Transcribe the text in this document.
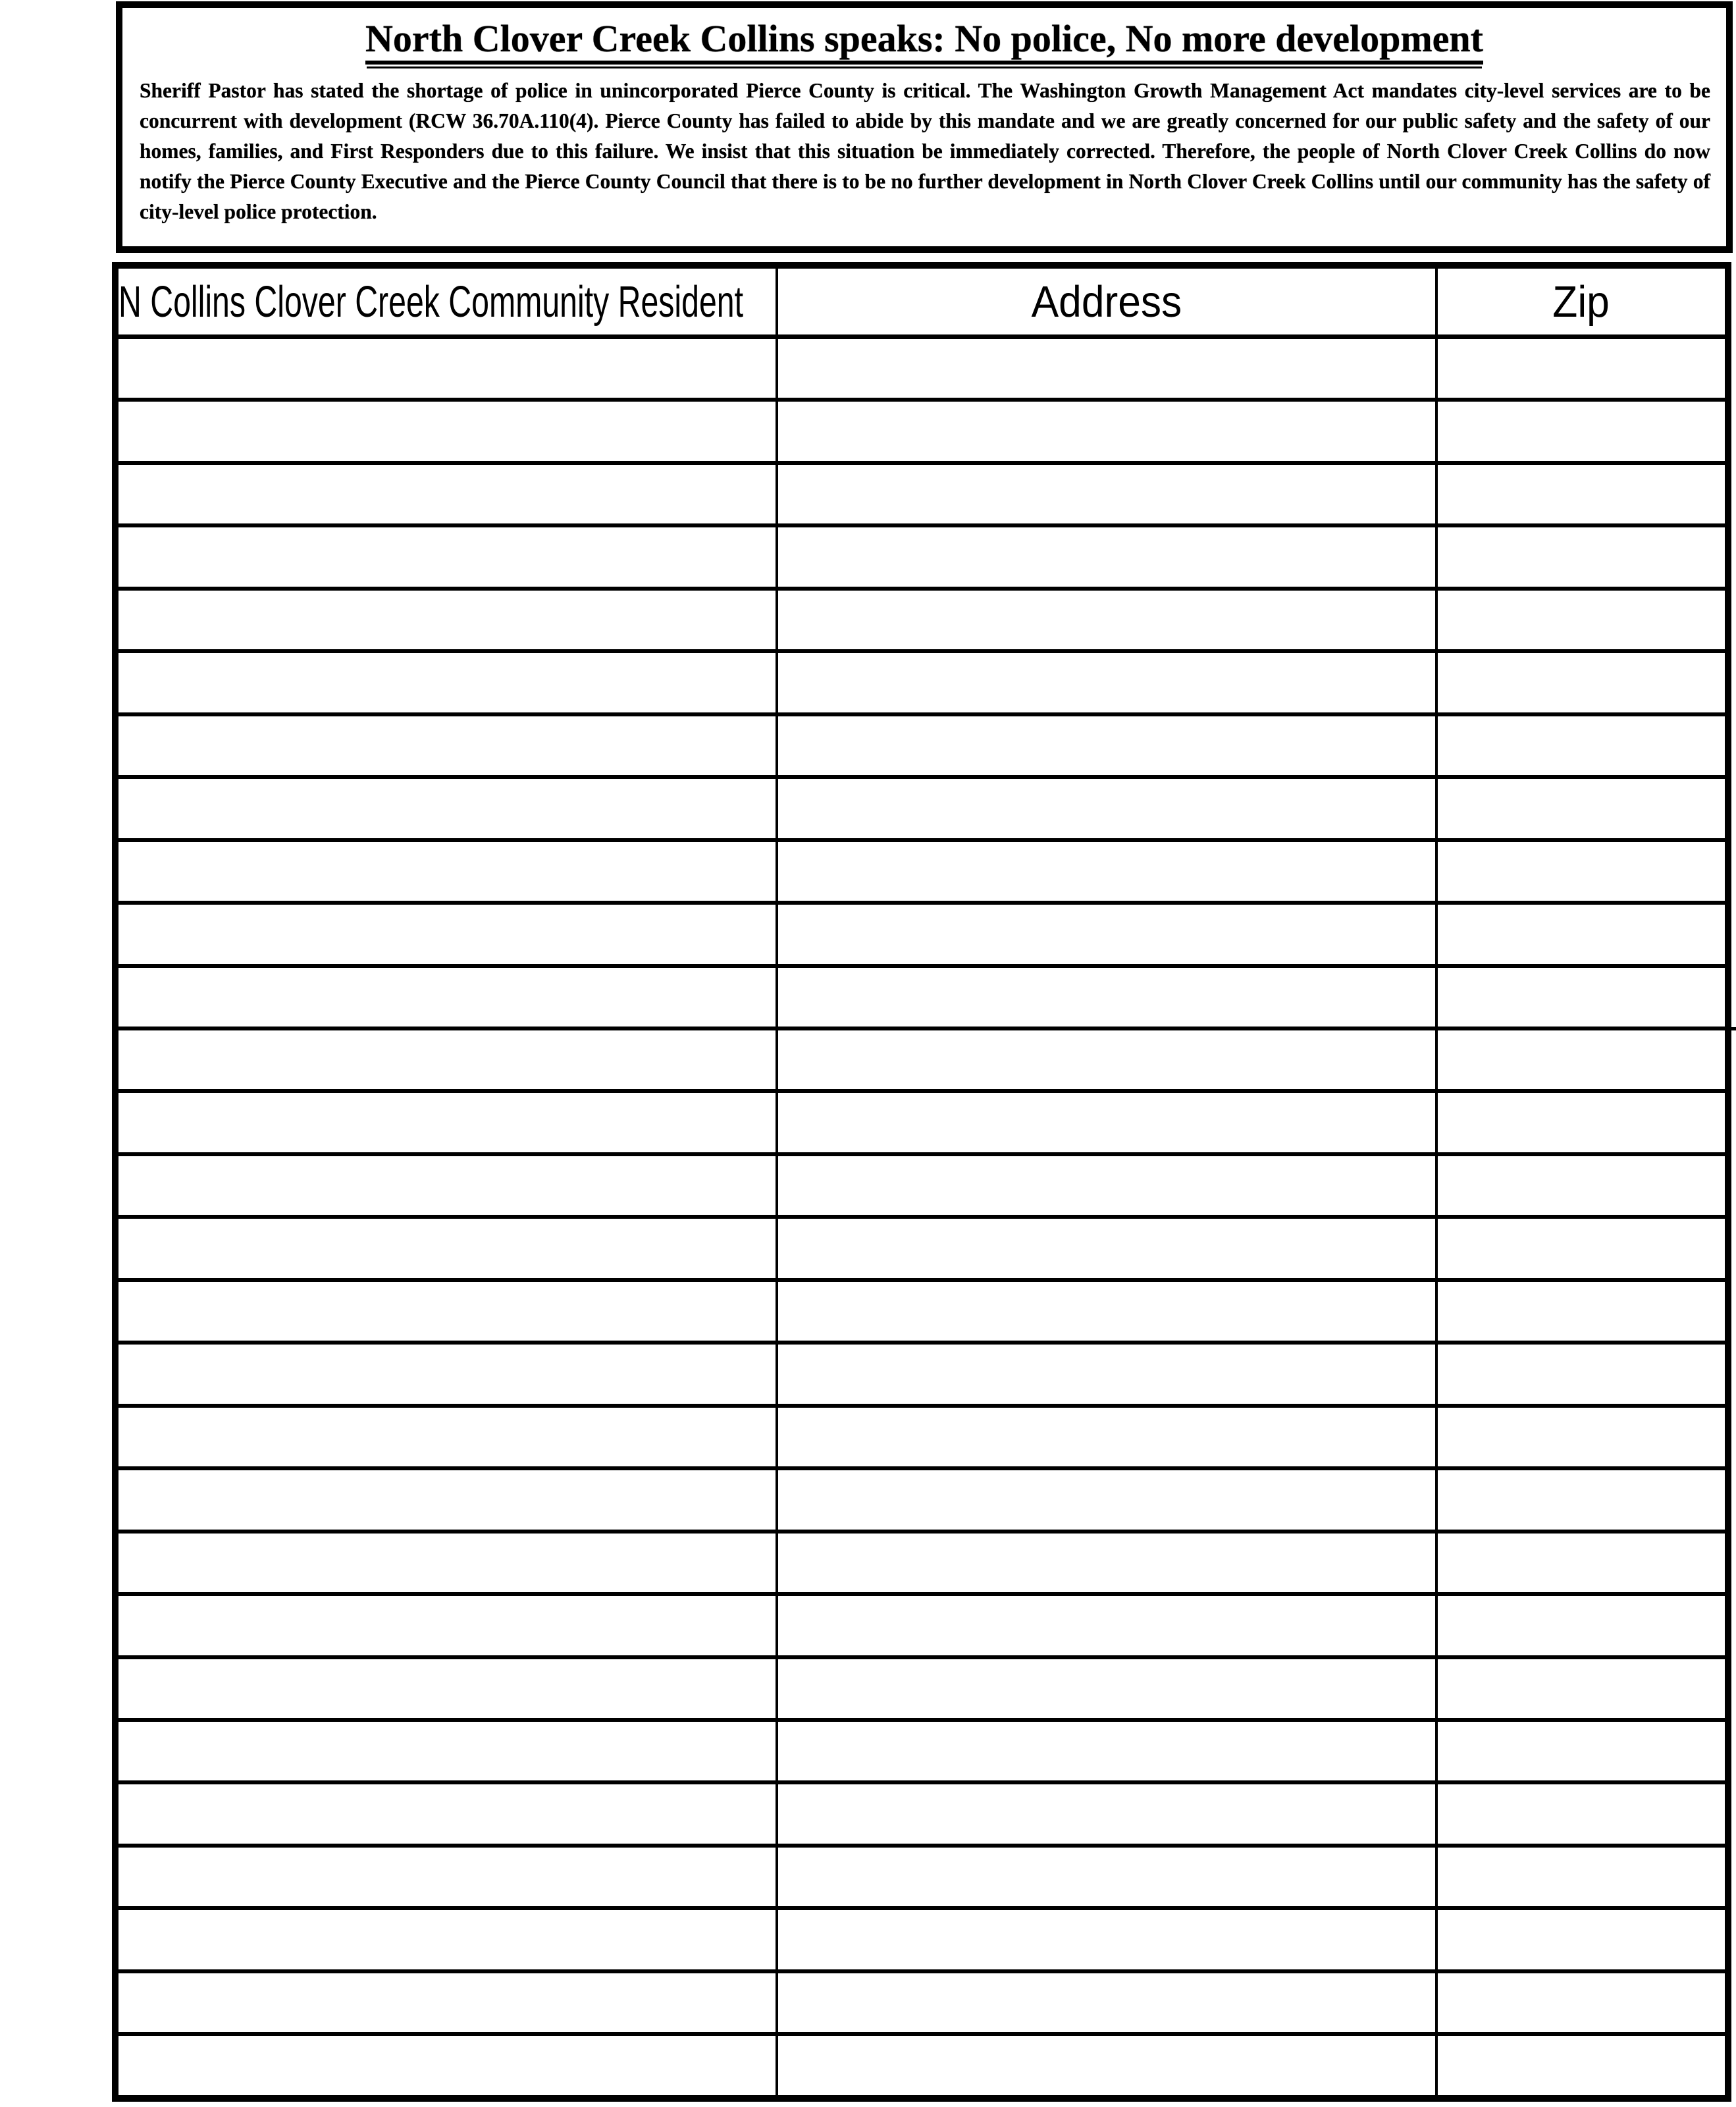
North Clover Creek Collins speaks: No police, No more development

Sheriff Pastor has stated the shortage of police in unincorporated Pierce County is critical. The Washington Growth Management Act mandates city-level services are to be concurrent with development (RCW 36.70A.110(4). Pierce County has failed to abide by this mandate and we are greatly concerned for our public safety and the safety of our homes, families, and First Responders due to this failure. We insist that this situation be immediately corrected. Therefore, the people of North Clover Creek Collins do now notify the Pierce County Executive and the Pierce County Council that there is to be no further development in North Clover Creek Collins until our community has the safety of city-level police protection.

N Collins Clover Creek Community Resident	Address	Zip
